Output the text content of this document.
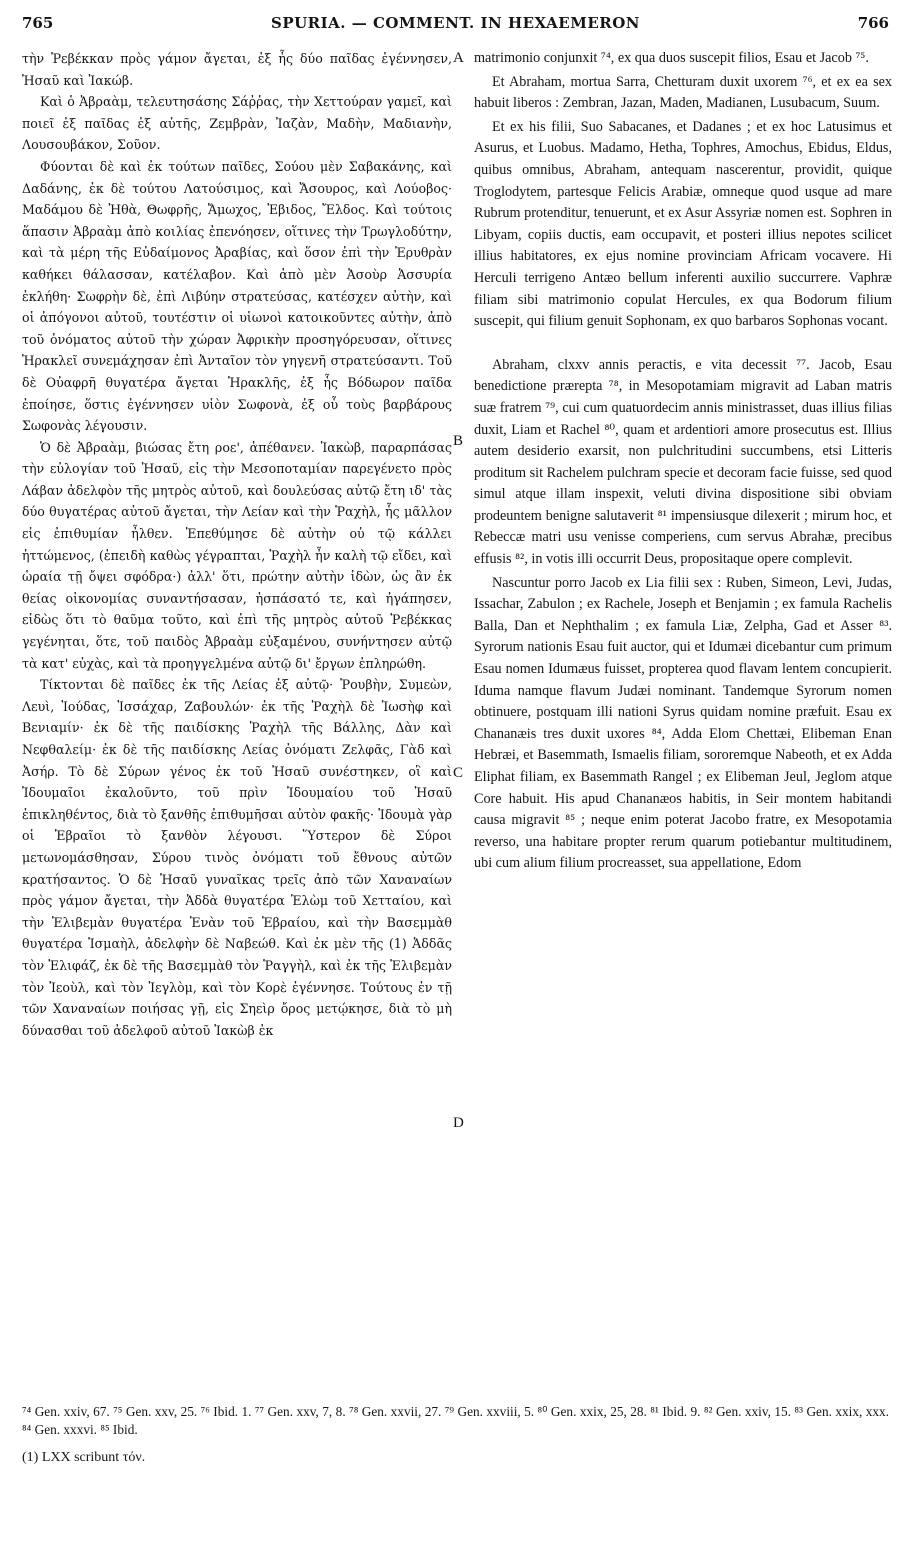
765	SPURIA. — COMMENT. IN HEXAEMERON	766

τὴν Ῥεβέκκαν πρὸς γάμον ἄγεται, ἐξ ἧς δύο παῖδας ἐγέννησεν, Ἠσαῦ καὶ Ἰακώβ.

Καὶ ὁ Ἀβραὰμ, τελευτησάσης Σάῤῥας, τὴν Χεττούραν γαμεῖ, καὶ ποιεῖ ἐξ παῖδας ἐξ αὐτῆς, Ζεμβρὰν, Ἰαζὰν, Μαδὴν, Μαδιανὴν, Λουσουβάκον, Σοῦον.

Φύονται δὲ καὶ ἐκ τούτων παῖδες, Σούου μὲν Σαβακάνης, καὶ Δαδάνης, ἐκ δὲ τούτου Λατούσιμος, καὶ Ἄσουρος, καὶ Λούοβος· Μαδάμου δὲ Ἠθὰ, Θωφρῆς, Ἄμωχος, Ἐβιδος, Ἔλδος. Καὶ τούτοις ἅπασιν Ἀβραὰμ ἀπὸ κοιλίας ἐπενόησεν, οἵτινες τὴν Τρωγλοδύτην, καὶ τὰ μέρη τῆς Εὐδαίμονος Ἀραβίας, καὶ ὅσον ἐπὶ τὴν Ἐρυθρὰν καθήκει θάλασσαν, κατέλαβον. Καὶ ἀπὸ μὲν Ἀσοὺρ Ἀσσυρία ἐκλήθη· Σωφρὴν δὲ, ἐπὶ Λιβύην στρατεύσας, κατέσχεν αὐτὴν, καὶ οἱ ἀπόγονοι αὐτοῦ, τουτέστιν οἱ υἱωνοὶ κατοικοῦντες αὐτὴν, ἀπὸ τοῦ ὀνόματος αὐτοῦ τὴν χώραν Ἀφρικὴν προσηγόρευσαν, οἵτινες Ἡρακλεῖ συνεμάχησαν ἐπὶ Ἀνταῖον τὸν γηγενῆ στρατεύσαντι. Τοῦ δὲ Οὐαφρῆ θυγατέρα ἄγεται Ἡρακλῆς, ἐξ ἧς Βόδωρον παῖδα ἐποίησε, ὅστις ἐγέννησεν υἱὸν Σωφονὰ, ἐξ οὗ τοὺς βαρβάρους Σωφονὰς λέγουσιν.

Ὁ δὲ Ἀβραὰμ, βιώσας ἔτη ροε', ἀπέθανεν. Ἰακὼβ, παραρπάσας τὴν εὐλογίαν τοῦ Ἠσαῦ, εἰς τὴν Μεσοποταμίαν παρεγένετο πρὸς Λάβαν ἀδελφὸν τῆς μητρὸς αὐτοῦ, καὶ δουλεύσας αὐτῷ ἔτη ιδ' τὰς δύο θυγατέρας αὐτοῦ ἄγεται, τὴν Λείαν καὶ τὴν Ῥαχὴλ, ἧς μᾶλλον εἰς ἐπιθυμίαν ἦλθεν. Ἐπεθύμησε δὲ αὐτὴν οὐ τῷ κάλλει ἡττώμενος, (ἐπειδὴ καθὼς γέγραπται, Ῥαχὴλ ἦν καλὴ τῷ εἴδει, καὶ ὡραία τῇ ὄψει σφόδρα·) ἀλλ' ὅτι, πρώτην αὐτὴν ἰδὼν, ὡς ἂν ἐκ θείας οἰκονομίας συναντήσασαν, ἠσπάσατό τε, καὶ ἠγάπησεν, εἰδὼς ὅτι τὸ θαῦμα τοῦτο, καὶ ἐπὶ τῆς μητρὸς αὐτοῦ Ῥεβέκκας γεγένηται, ὅτε, τοῦ παιδὸς Ἀβραὰμ εὐξαμένου, συνήντησεν αὐτῷ τὰ κατ' εὐχὰς, καὶ τὰ προηγγελμένα αὐτῷ δι' ἔργων ἐπληρώθη.

Τίκτονται δὲ παῖδες ἐκ τῆς Λείας ἐξ αὐτῷ· Ῥουβὴν, Συμεὼν, Λευὶ, Ἰούδας, Ἰσσάχαρ, Ζαβουλών· ἐκ τῆς Ῥαχὴλ δὲ Ἰωσὴφ καὶ Βενιαμίν· ἐκ δὲ τῆς παιδίσκης Ῥαχὴλ τῆς Βάλλης, Δὰν καὶ Νεφθαλείμ· ἐκ δὲ τῆς παιδίσκης Λείας ὀνόματι Ζελφᾶς, Γὰδ καὶ Ἀσήρ. Τὸ δὲ Σύρων γένος ἐκ τοῦ Ἠσαῦ συνέστηκεν, οἳ καὶ Ἰδουμαῖοι ἐκαλοῦντο, τοῦ πρὶν Ἰδουμαίου τοῦ Ἠσαῦ ἐπικληθέντος, διὰ τὸ ξανθῆς ἐπιθυμῆσαι αὐτὸν φακῆς· Ἰδουμὰ γὰρ οἱ Ἑβραῖοι τὸ ξανθὸν λέγουσι. Ὕστερον δὲ Σύροι μετωνομάσθησαν, Σύρου τινὸς ὀνόματι τοῦ ἔθνους αὐτῶν κρατήσαντος. Ὁ δὲ Ἠσαῦ γυναῖκας τρεῖς ἀπὸ τῶν Χαναναίων πρὸς γάμον ἄγεται, τὴν Ἀδδὰ θυγατέρα Ἐλὼμ τοῦ Χετταίου, καὶ τὴν Ἐλιβεμὰν θυγατέρα Ἐνὰν τοῦ Ἑβραίου, καὶ τὴν Βασεμμὰθ θυγατέρα Ἰσμαὴλ, ἀδελφὴν δὲ Ναβεώθ. Καὶ ἐκ μὲν τῆς (1) Ἀδδᾶς τὸν Ἐλιφάζ, ἐκ δὲ τῆς Βασεμμὰθ τὸν Ῥαγγὴλ, καὶ ἐκ τῆς Ἐλιβεμὰν τὸν Ἰεοὺλ, καὶ τὸν Ἰεγλὸμ, καὶ τὸν Κορὲ ἐγέννησε. Τούτους ἐν τῇ τῶν Χαναναίων ποιήσας γῇ, εἰς Σηεὶρ ὄρος μετῴκησε, διὰ τὸ μὴ δύνασθαι τοῦ ἀδελφοῦ αὐτοῦ Ἰακὼβ ἐκ

A
B
C
D

matrimonio conjunxit ⁷⁴, ex qua duos suscepit filios, Esau et Jacob ⁷⁵.

Et Abraham, mortua Sarra, Chetturam duxit uxorem ⁷⁶, et ex ea sex habuit liberos : Zembran, Jazan, Maden, Madianen, Lusubacum, Suum.

Et ex his filii, Suo Sabacanes, et Dadanes ; et ex hoc Latusimus et Asurus, et Luobus. Madamo, Hetha, Tophres, Amochus, Ebidus, Eldus, quibus omnibus, Abraham, antequam nascerentur, providit, quique Troglodytem, partesque Felicis Arabiæ, omneque quod usque ad mare Rubrum protenditur, tenuerunt, et ex Asur Assyriæ nomen est. Sophren in Libyam, copiis ductis, eam occupavit, et posteri illius nepotes scilicet illius habitatores, ex ejus nomine provinciam Africam vocavere. Hi Herculi terrigeno Antæo bellum inferenti auxilio succurrere. Vaphræ filiam sibi matrimonio copulat Hercules, ex qua Bodorum filium suscepit, qui filium genuit Sophonam, ex quo barbaros Sophonas vocant.

Abraham, clxxv annis peractis, e vita decessit ⁷⁷. Jacob, Esau benedictione prærepta ⁷⁸, in Mesopotamiam migravit ad Laban matris suæ fratrem ⁷⁹, cui cum quatuordecim annis ministrasset, duas illius filias duxit, Liam et Rachel ⁸⁰, quam et ardentiori amore prosecutus est. Illius autem desiderio exarsit, non pulchritudini succumbens, etsi Litteris proditum sit Rachelem pulchram specie et decoram facie fuisse, sed quod simul atque illam inspexit, veluti divina dispositione sibi obviam prodeuntem benigne salutaverit ⁸¹ impensiusque dilexerit ; mirum hoc, et Rebeccæ matri usu venisse comperiens, cum servus Abrahæ, precibus effusis ⁸², in votis illi occurrit Deus, propositaque opere complevit.

Nascuntur porro Jacob ex Lia filii sex : Ruben, Simeon, Levi, Judas, Issachar, Zabulon ; ex Rachele, Joseph et Benjamin ; ex famula Rachelis Balla, Dan et Nephthalim ; ex famula Liæ, Zelpha, Gad et Asser ⁸³. Syrorum nationis Esau fuit auctor, qui et Idumæi dicebantur cum primum Esau nomen Idumæus fuisset, propterea quod flavam lentem concupierit. Iduma namque flavum Judæi nominant. Tandemque Syrorum nomen obtinuere, postquam illi nationi Syrus quidam nomine præfuit. Esau ex Chananæis tres duxit uxores ⁸⁴, Adda Elom Chettæi, Elibeman Enan Hebræi, et Basemmath, Ismaelis filiam, sororemque Nabeoth, et ex Adda Eliphat filiam, ex Basemmath Rangel ; ex Elibeman Jeul, Jeglom atque Core habuit. His apud Chananæos habitis, in Seir montem habitandi causa migravit ⁸⁵ ; neque enim poterat Jacobo fratre, ex Mesopotamia reverso, una habitare propter rerum quarum potiebantur multitudinem, ubi cum alium filium procreasset, sua appellatione, Edom

⁷⁴ Gen. xxiv, 67. ⁷⁵ Gen. xxv, 25. ⁷⁶ Ibid. 1. ⁷⁷ Gen. xxv, 7, 8. ⁷⁸ Gen. xxvii, 27. ⁷⁹ Gen. xxviii, 5. ⁸⁰ Gen. xxix, 25, 28. ⁸¹ Ibid. 9. ⁸² Gen. xxiv, 15. ⁸³ Gen. xxix, xxx. ⁸⁴ Gen. xxxvi. ⁸⁵ Ibid.
(1) LXX scribunt τόν.
